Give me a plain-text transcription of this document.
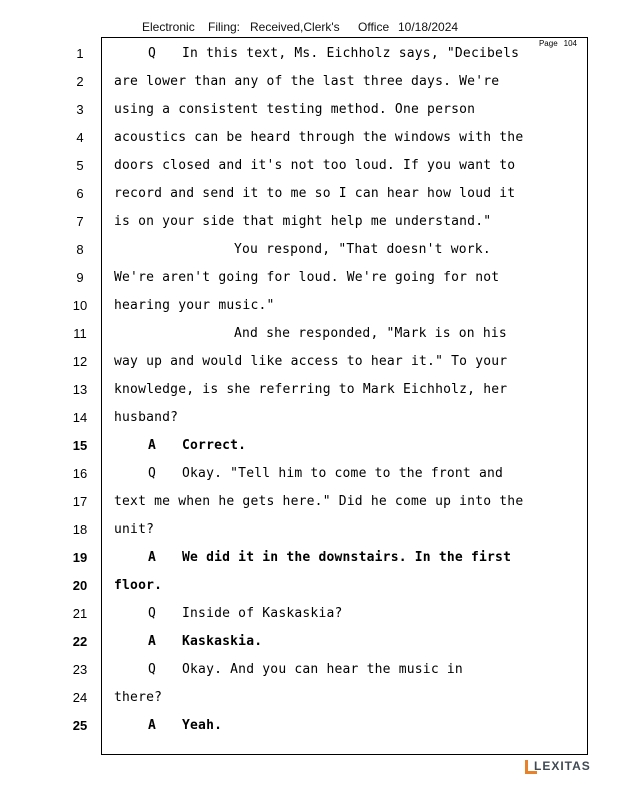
Electronic Filing: Received,Clerk's Office 10/18/2024
Page 104
1	Q In this text, Ms. Eichholz says, "Decibels
2	are lower than any of the last three days. We're
3	using a consistent testing method. One person
4	acoustics can be heard through the windows with the
5	doors closed and it's not too loud. If you want to
6	record and send it to me so I can hear how loud it
7	is on your side that might help me understand."
8	You respond, "That doesn't work.
9	We're aren't going for loud. We're going for not
10 hearing your music."
11	And she responded, "Mark is on his
12 way up and would like access to hear it." To your
13 knowledge, is she referring to Mark Eichholz, her
14 husband?
15	A Correct.
16	Q Okay. "Tell him to come to the front and
17 text me when he gets here." Did he come up into the
18 unit?
19	A We did it in the downstairs. In the first
20 floor.
21	Q Inside of Kaskaskia?
22	A Kaskaskia.
23	Q Okay. And you can hear the music in
24 there?
25	A Yeah.
LEXITAS
